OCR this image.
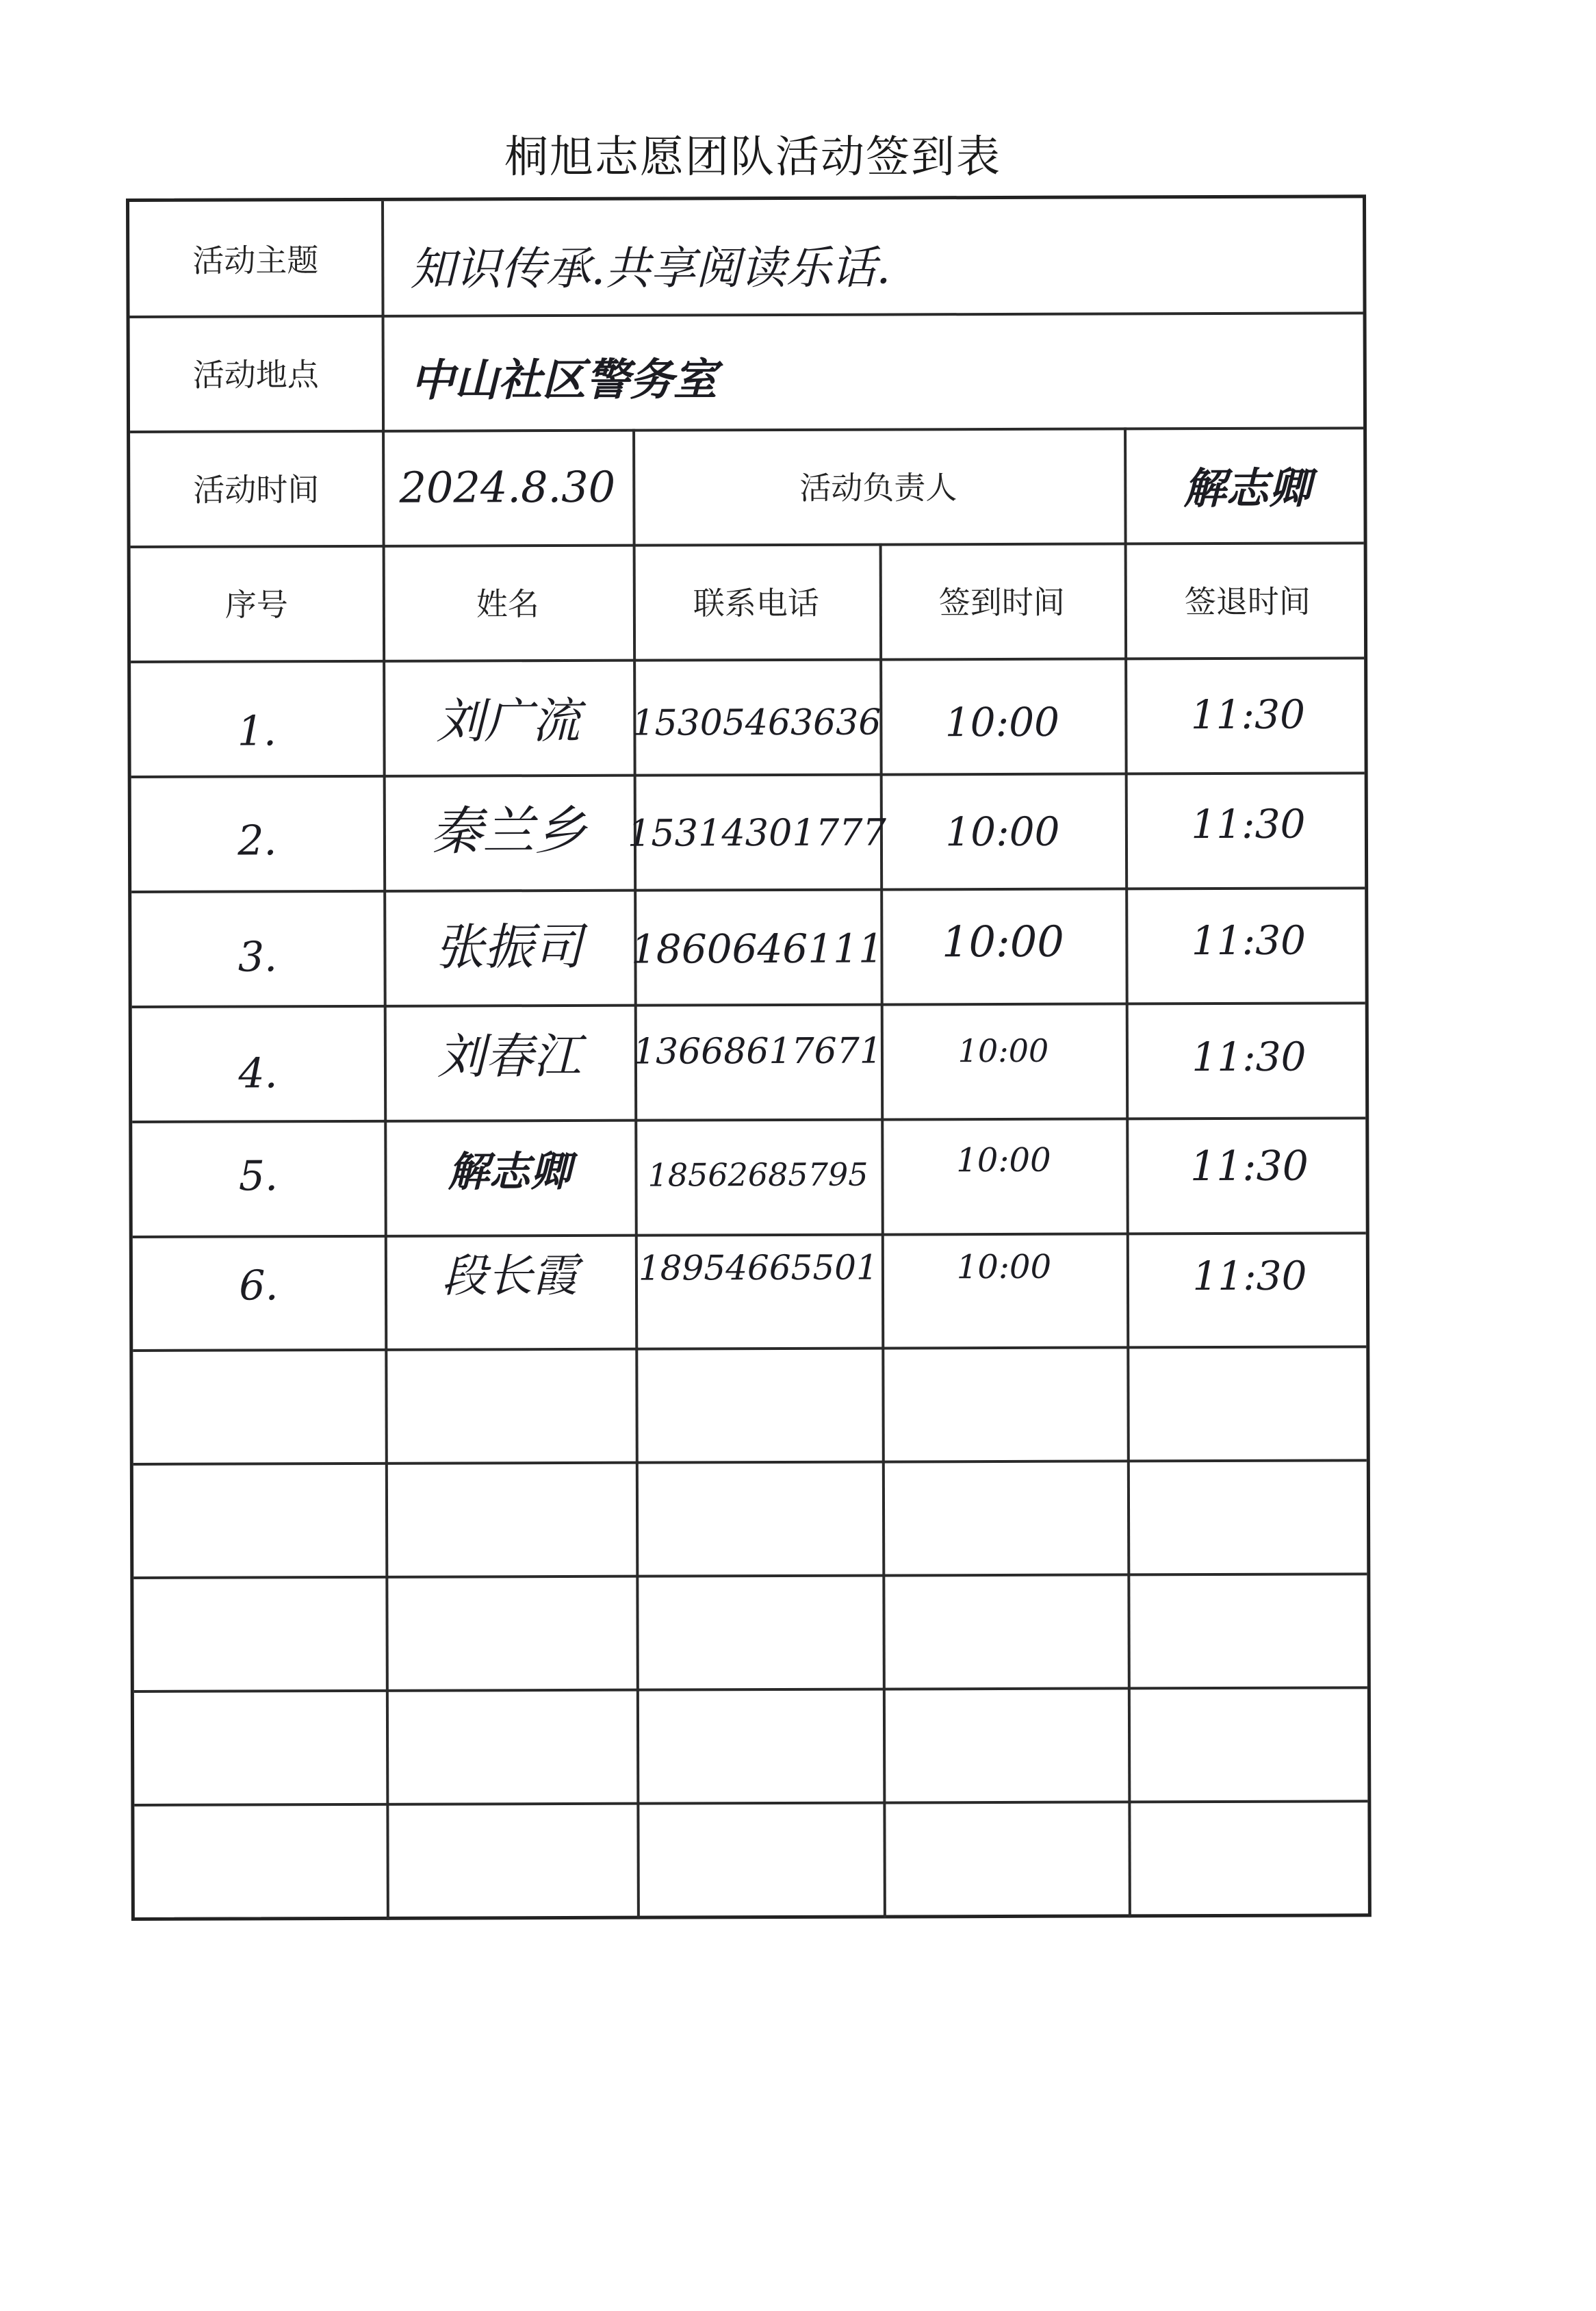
桐旭志愿团队活动签到表
活动主题	知识传承.共享阅读乐话.
活动地点	中山社区警务室
活动时间	2024.8.30	活动负责人	解志卿
序号	姓名	联系电话	签到时间	签退时间
1.	刘广流	15305463636	10:00	11:30
2.	秦兰乡	15314301777	10:00	11:30
3.	张振司	1860646111	10:00	11:30
4.	刘春江	13668617671	10:00	11:30
5.	解志卿	18562685795	10:00	11:30
6.	段长霞	18954665501	10:00	11:30
